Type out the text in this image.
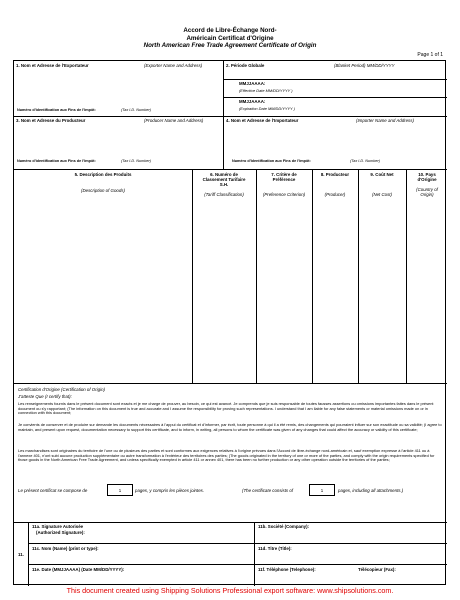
Accord de Libre-Échange Nord-
Américain Certificat d'Origine
North American Free Trade Agreement Certificate of Origin
Page 1 of 1
1. Nom et Adresse de l'Exportateur	(Exporter Name and Address)
Numéro d'identification aux Fins de l'Impôt:	(Tax I.D. Number)
2. Période Globale	(Blanket Period) MM/DD/YYYY
MMJJAAAA:
(Effective Date MM/DD/YYYY )
MMJJAAAA:
(Expiration Date MM/DD/YYYY )
3. Nom et Adresse du Producteur	(Producer Name and Address)
Numéro d'identification aux Fins de l'Impôt:	(Tax I.D. Number)
4. Nom et Adresse de l'Importateur	(Importer Name and Address)
Numéro d'Identification aux Fins de l'Impôt:	(Tax I.D. Number)
5. Description des Produits
(Description of Goods)
6. Numéro de Classement Tarifaire S.H.
(Tariff Classification)
7. Critère de Préférence
(Preference Criterion)
8. Producteur
(Producer)
9. Coût Net
(Net Cost)
10. Pays d'Origine
(Country of Origin)
Certification d'Origine (Certification of Origin)
J'atteste Que (I certify that):
Les renseignements fournis dans le présent document sont exacts et je me charge de prouver, au besoin, ce qui est avancé. Je comprends que je suis responsable de toutes fausses assertions ou omissions importantes faites dans le présent document ou s'y rapportant; (The information on this document is true and accurate and I assume the responsibility for proving such representations. I understand that I am liable for any false statements or material omissions made on or in connection with this document;
Je convients de conserver et de produire sur demande les documents nécessaires à l'appui du certificat et d'informer, par écrit, toute personne à qui il a été remis, des changements qui pourraient influer sur son exactitude ou sa validité; (I agree to maintain, and present upon request, documentation necessary to support this certificate, and to inform, in writing, all persons to whom the certificate was given of any changes that could affect the accuracy or validity of this certificate;
Les marchandises sont originaires du territoire de l'une ou de plusieurs des parties et sont conformes aux exigences relatives à l'origine prévues dans l'Accord de libre-échange nord-américain et, sauf exemption expresse à l'article 411 ou à l'annexe 401, n'ont subi aucune production supplémentaire ou autre transformation à l'extérieur des territoires des parties; (The goods originated in the territory of one or more of the parties, and comply with the origin requirements specified for those goods in the North American Free Trade Agreement, and unless specifically exempted in article 411 or annex 401, there has been no further production or any other operation outside the territories of the parties;
Le présent certificat se compose de	1	pages, y compris les pièces jointes.	(The certificate consists of	1	pages, including all attachments.)
11.
11a. Signature Autorisée
(Authorized Signature):
11b. Société (Company):
11c. Nom (Name) (print or type):	11d. Titre (Title):
11e. Date (MMJJAAAA) (Date MM/DD/YYYY):	11f. Téléphone (Telephone):	Télécopieur (Fax):
This document created using Shipping Solutions Professional export software: www.shipsolutions.com.
